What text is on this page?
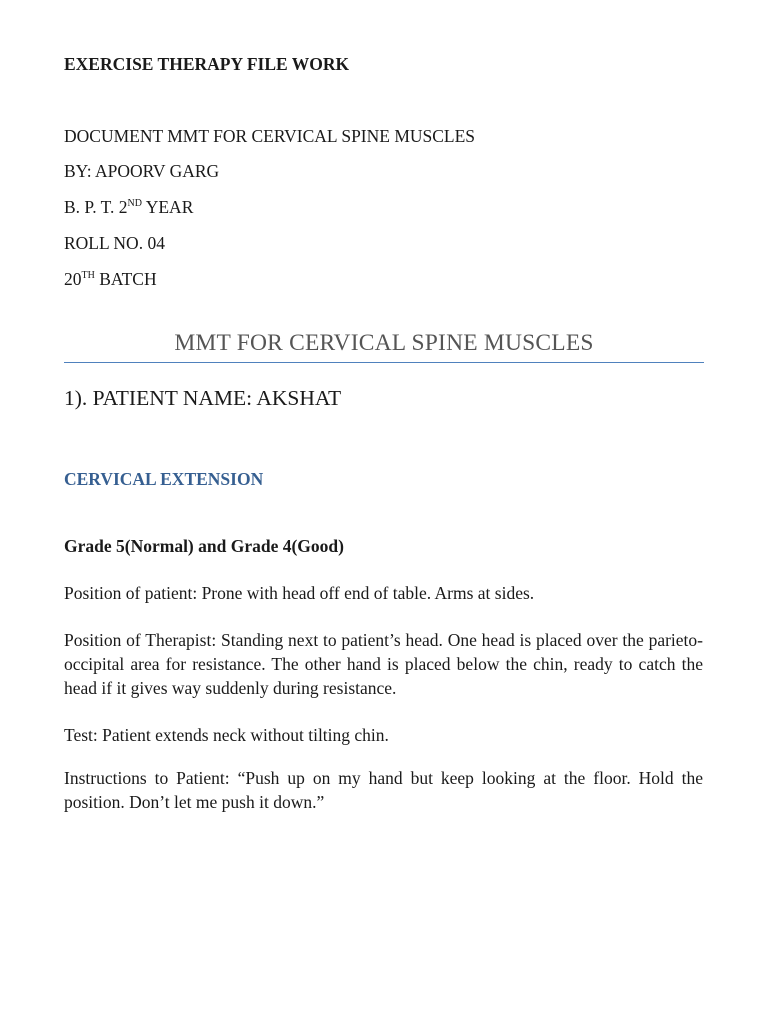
EXERCISE THERAPY FILE WORK
DOCUMENT MMT FOR CERVICAL SPINE MUSCLES
BY: APOORV GARG
B. P. T. 2ND YEAR
ROLL NO. 04
20TH BATCH
MMT FOR CERVICAL SPINE MUSCLES
1). PATIENT NAME: AKSHAT
CERVICAL EXTENSION
Grade 5(Normal) and Grade 4(Good)
Position of patient: Prone with head off end of table. Arms at sides.
Position of Therapist: Standing next to patient’s head. One head is placed over the parieto-occipital area for resistance. The other hand is placed below the chin, ready to catch the head if it gives way suddenly during resistance.
Test: Patient extends neck without tilting chin.
Instructions to Patient: “Push up on my hand but keep looking at the floor. Hold the position. Don’t let me push it down.”
